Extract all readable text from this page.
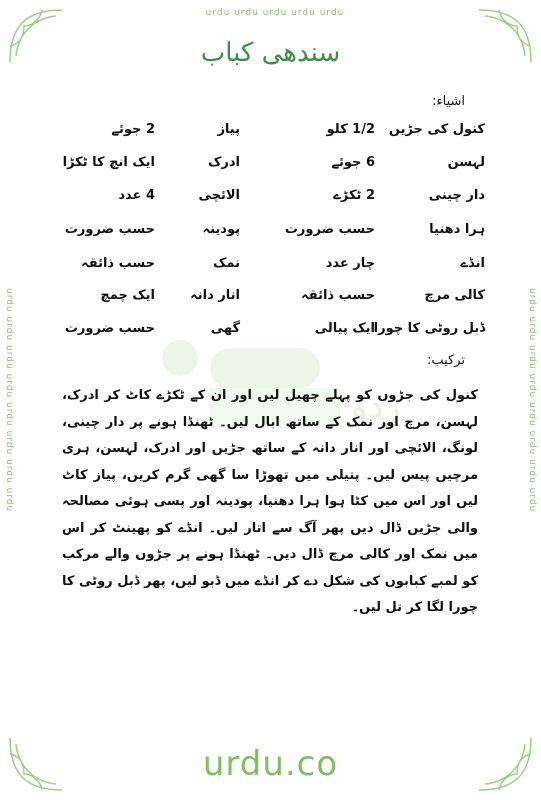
urdu urdu urdu urdu urdu
urdu urdu urdu urdu urdu urdu urdu urdu	urdu urdu urdu urdu urdu urdu urdu urdu
ردو
سندھی کباب
اشیاء:
کنول کی جڑیں
1/2 کلو
پیاز
2 جوئے
لہسن
6 جوئے
ادرک
ایک انچ کا ٹکڑا
دار چینی
2 ٹکڑے
الائچی
4 عدد
ہرا دھنیا
حسب ضرورت
پودینہ
حسب ضرورت
انڈے
چار عدد
نمک
حسب ذائقہ
کالی مرچ
حسب ذائقہ
انار دانہ
ایک چمچ
ڈبل روٹی کا چورا
ایک پیالی
گھی
حسب ضرورت
ترکیب:
کنول کی جڑوں کو پہلے چھیل لیں اور ان کے ٹکڑے کاٹ کر ادرک، لہسن، مرچ اور نمک کے ساتھ ابال لیں۔ ٹھنڈا ہونے پر دار چینی، لونگ، الائچی اور انار دانہ کے ساتھ جڑیں اور ادرک، لہسن، ہری مرچیں پیس لیں۔ پتیلی میں تھوڑا سا گھی گرم کریں، پیاز کاٹ لیں اور اس میں کٹا ہوا ہرا دھنیا، پودینہ اور پسی ہوئی مصالحہ والی جڑیں ڈال دیں پھر آگ سے اتار لیں۔ انڈے کو پھینٹ کر اس میں نمک اور کالی مرچ ڈال دیں۔ ٹھنڈا ہونے پر جڑوں والے مرکب کو لمبے کبابوں کی شکل دے کر انڈے میں ڈبو لیں، پھر ڈبل روٹی کا چورا لگا کر تل لیں۔
urdu.co
